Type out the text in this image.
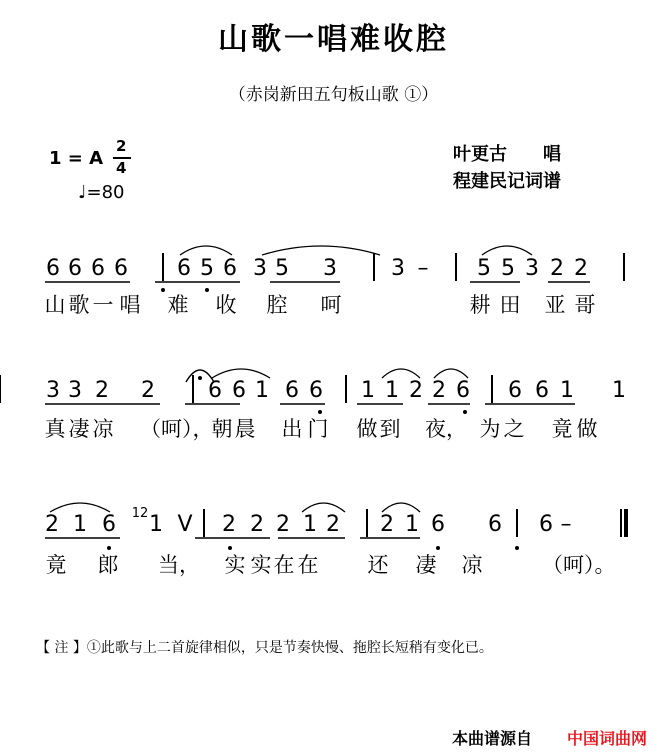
山歌一唱难收腔
（赤岗新田五句板山歌 ①）
1 = A
2
4
♩=80
叶更古　　唱
程建民记词谱
6 6 6 6 6 5 6 3 5 3 3 – 5 5 3 2 2
山 歌 一 唱 难 收 腔 呵	耕 田 亚 哥
3 3 2 2 6 6 1 6 6 1 1 2 2 6 6 6 1 1
真 凄 凉 （呵），
朝 晨 出 门 做 到 夜， 为 之 竟 做
2 1 6 12 1 V 2 2 2 1 2 2 1 6 6 6 –
竟 郎 当， 实 实 在 在 还 凄 凉	（呵）。
【 注 】①此歌与上二首旋律相似，只是节奏快慢、拖腔长短稍有变化已。
本曲谱源自 中国词曲网
